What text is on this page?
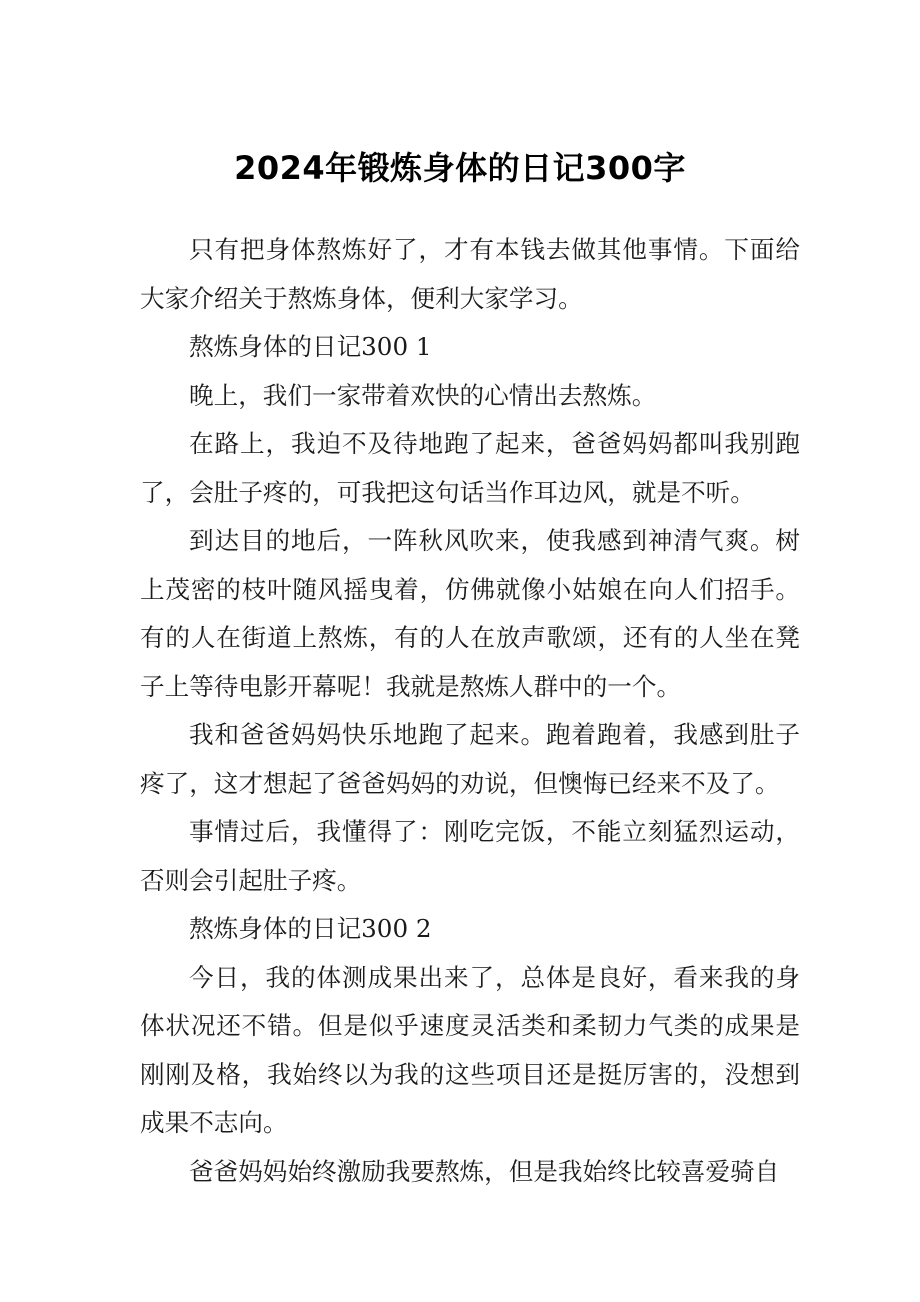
2024年锻炼身体的日记300字

只有把身体熬炼好了，才有本钱去做其他事情。下面给大家介绍关于熬炼身体，便利大家学习。

熬炼身体的日记300 1

晚上，我们一家带着欢快的心情出去熬炼。

在路上，我迫不及待地跑了起来，爸爸妈妈都叫我别跑了，会肚子疼的，可我把这句话当作耳边风，就是不听。

到达目的地后，一阵秋风吹来，使我感到神清气爽。树上茂密的枝叶随风摇曳着，仿佛就像小姑娘在向人们招手。有的人在街道上熬炼，有的人在放声歌颂，还有的人坐在凳子上等待电影开幕呢！我就是熬炼人群中的一个。

我和爸爸妈妈快乐地跑了起来。跑着跑着，我感到肚子疼了，这才想起了爸爸妈妈的劝说，但懊悔已经来不及了。

事情过后，我懂得了：刚吃完饭，不能立刻猛烈运动，否则会引起肚子疼。

熬炼身体的日记300 2

今日，我的体测成果出来了，总体是良好，看来我的身体状况还不错。但是似乎速度灵活类和柔韧力气类的成果是刚刚及格，我始终以为我的这些项目还是挺厉害的，没想到成果不志向。

爸爸妈妈始终激励我要熬炼，但是我始终比较喜爱骑自
